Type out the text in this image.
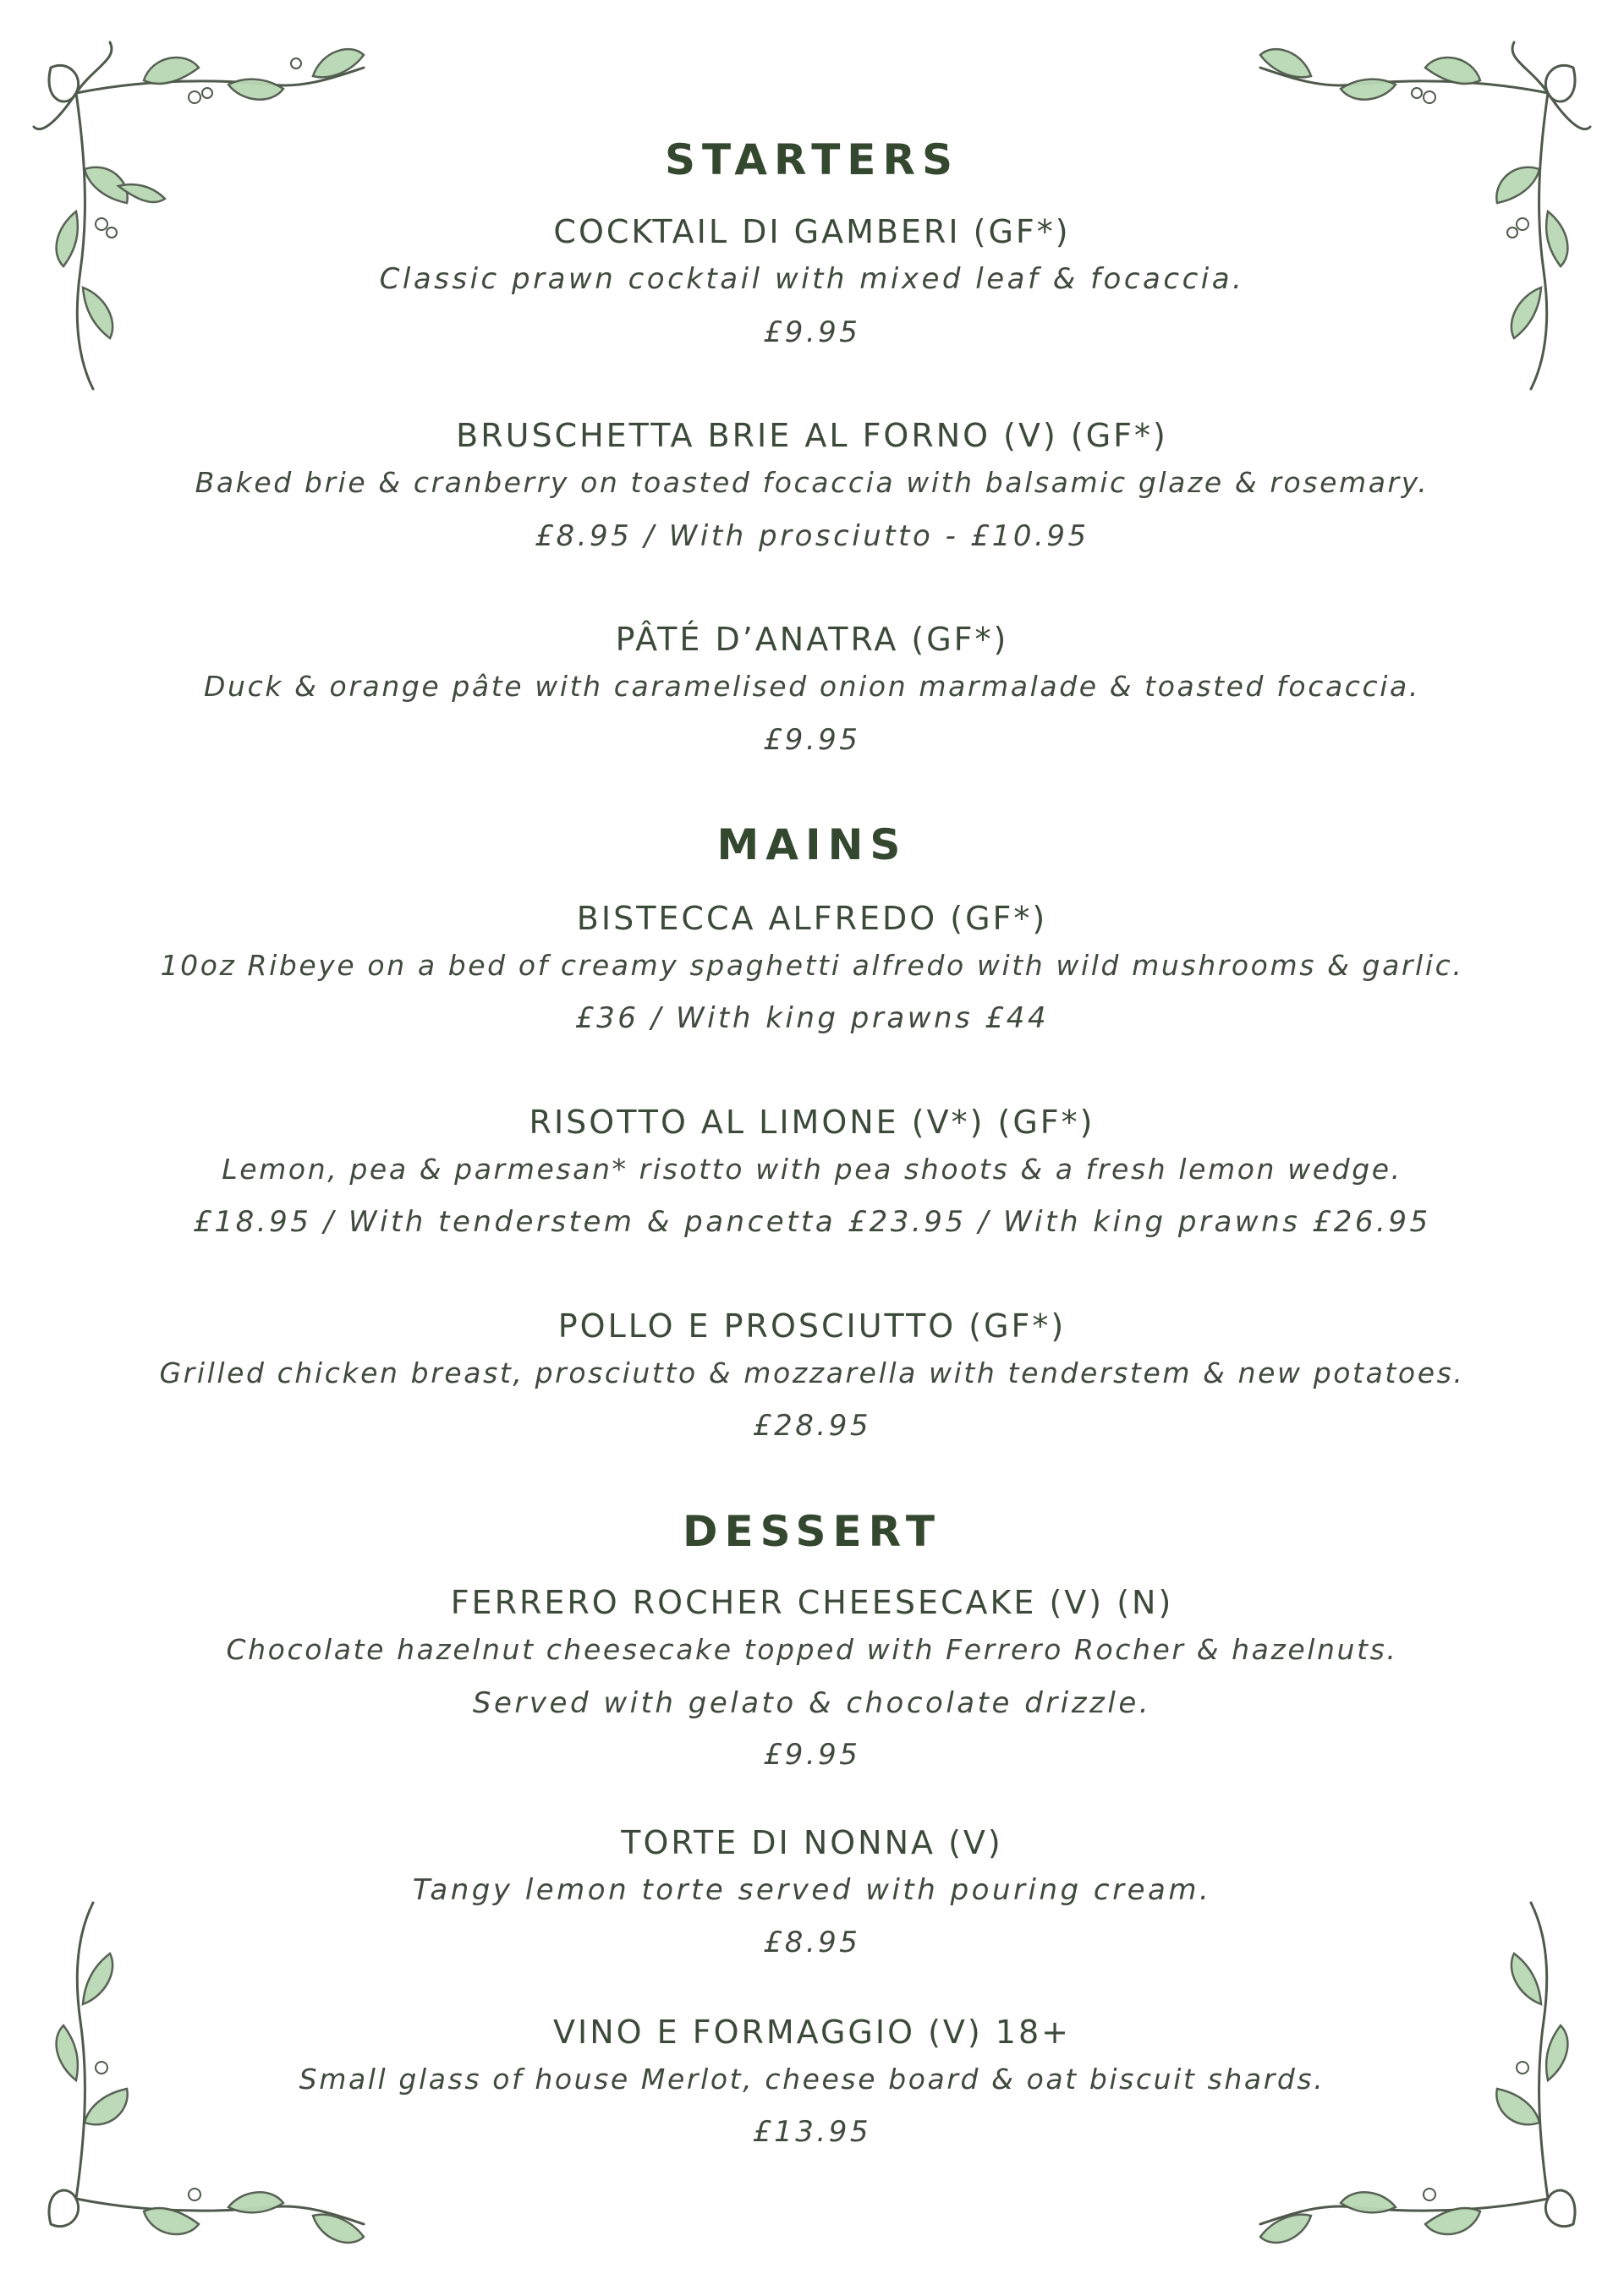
STARTERS
COCKTAIL DI GAMBERI (GF*)
Classic prawn cocktail with mixed leaf & focaccia.
£9.95
BRUSCHETTA BRIE AL FORNO (V) (GF*)
Baked brie & cranberry on toasted focaccia with balsamic glaze & rosemary.
£8.95 / With prosciutto - £10.95
PÂTÉ D’ANATRA (GF*)
Duck & orange pâte with caramelised onion marmalade & toasted focaccia.
£9.95
MAINS
BISTECCA ALFREDO (GF*)
10oz Ribeye on a bed of creamy spaghetti alfredo with wild mushrooms & garlic.
£36 / With king prawns £44
RISOTTO AL LIMONE (V*) (GF*)
Lemon, pea & parmesan* risotto with pea shoots & a fresh lemon wedge.
£18.95 / With tenderstem & pancetta £23.95 / With king prawns £26.95
POLLO E PROSCIUTTO (GF*)
Grilled chicken breast, prosciutto & mozzarella with tenderstem & new potatoes.
£28.95
DESSERT
FERRERO ROCHER CHEESECAKE (V) (N)
Chocolate hazelnut cheesecake topped with Ferrero Rocher & hazelnuts.
Served with gelato & chocolate drizzle.
£9.95
TORTE DI NONNA (V)
Tangy lemon torte served with pouring cream.
£8.95
VINO E FORMAGGIO (V) 18+
Small glass of house Merlot, cheese board & oat biscuit shards.
£13.95
